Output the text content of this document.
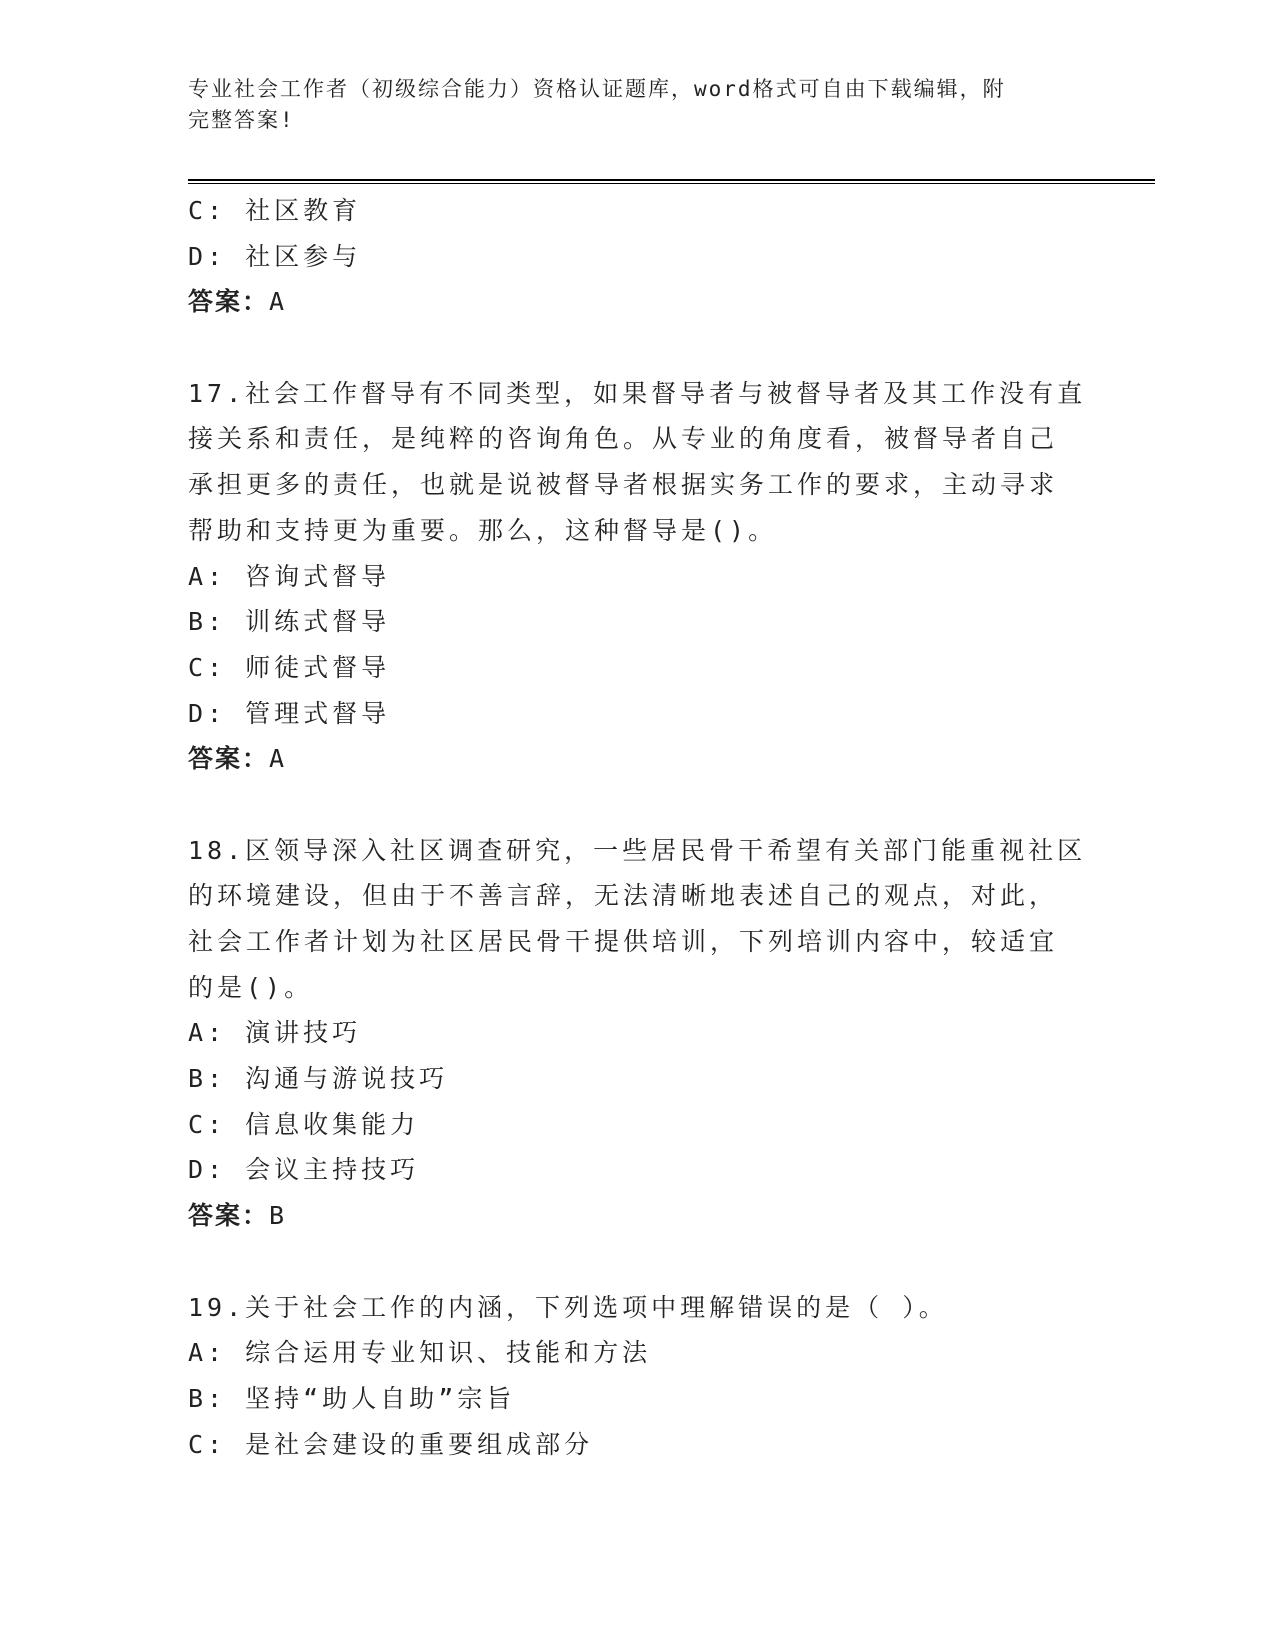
专业社会工作者（初级综合能力）资格认证题库，word格式可自由下载编辑，附
完整答案!
C: 社区教育
D: 社区参与
答案：A
17.社会工作督导有不同类型，如果督导者与被督导者及其工作没有直
接关系和责任，是纯粹的咨询角色。从专业的角度看，被督导者自己
承担更多的责任，也就是说被督导者根据实务工作的要求，主动寻求
帮助和支持更为重要。那么，这种督导是()。
A: 咨询式督导
B: 训练式督导
C: 师徒式督导
D: 管理式督导
答案：A
18.区领导深入社区调查研究，一些居民骨干希望有关部门能重视社区
的环境建设，但由于不善言辞，无法清晰地表述自己的观点，对此，
社会工作者计划为社区居民骨干提供培训，下列培训内容中，较适宜
的是()。
A: 演讲技巧
B: 沟通与游说技巧
C: 信息收集能力
D: 会议主持技巧
答案：B
19.关于社会工作的内涵，下列选项中理解错误的是（ ）。
A: 综合运用专业知识、技能和方法
B: 坚持“助人自助”宗旨
C: 是社会建设的重要组成部分
